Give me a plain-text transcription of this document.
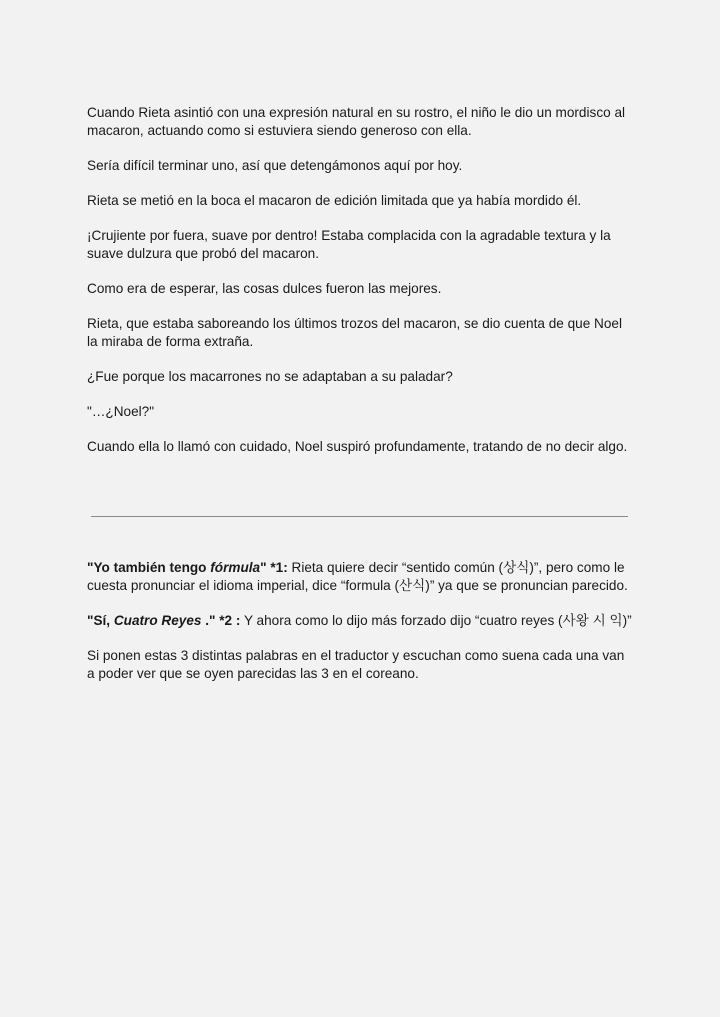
Cuando Rieta asintió con una expresión natural en su rostro, el niño le dio un mordisco al macaron, actuando como si estuviera siendo generoso con ella.

Sería difícil terminar uno, así que detengámonos aquí por hoy.

Rieta se metió en la boca el macaron de edición limitada que ya había mordido él.

¡Crujiente por fuera, suave por dentro! Estaba complacida con la agradable textura y la suave dulzura que probó del macaron.

Como era de esperar, las cosas dulces fueron las mejores.

Rieta, que estaba saboreando los últimos trozos del macaron, se dio cuenta de que Noel la miraba de forma extraña.

¿Fue porque los macarrones no se adaptaban a su paladar?

"…¿Noel?"

Cuando ella lo llamó con cuidado, Noel suspiró profundamente, tratando de no decir algo.

"Yo también tengo fórmula" *1: Rieta quiere decir “sentido común (상식)”, pero como le cuesta pronunciar el idioma imperial, dice “formula (산식)” ya que se pronuncian parecido.

"Sí, Cuatro Reyes ." *2 : Y ahora como lo dijo más forzado dijo “cuatro reyes (사왕 시 익)”

Si ponen estas 3 distintas palabras en el traductor y escuchan como suena cada una van a poder ver que se oyen parecidas las 3 en el coreano.
